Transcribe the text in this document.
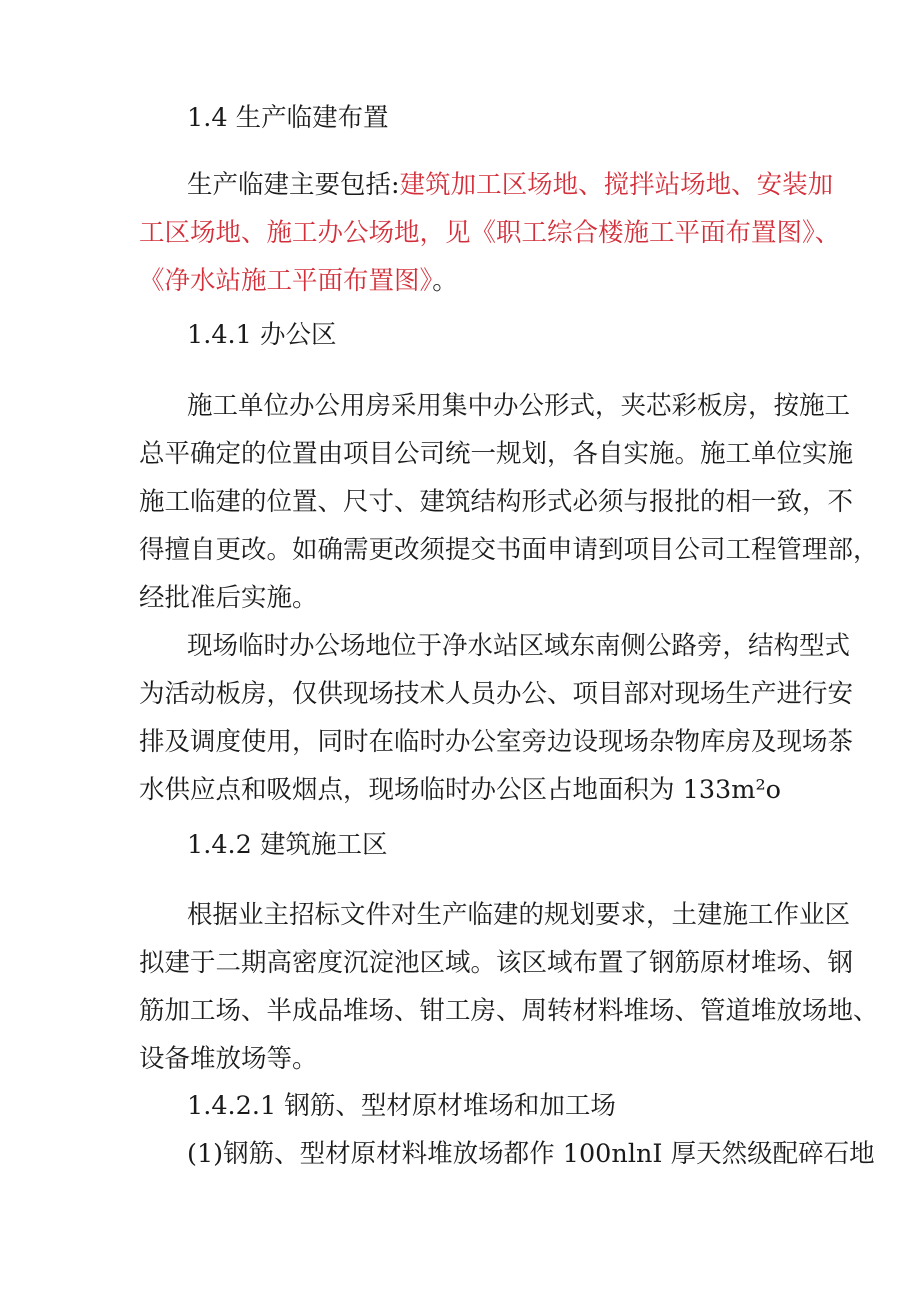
1.4 生产临建布置
生产临建主要包括:建筑加工区场地、搅拌站场地、安装加
工区场地、施工办公场地，见《职工综合楼施工平面布置图》、
《净水站施工平面布置图》。
1.4.1 办公区
施工单位办公用房采用集中办公形式，夹芯彩板房，按施工
总平确定的位置由项目公司统一规划，各自实施。施工单位实施
施工临建的位置、尺寸、建筑结构形式必须与报批的相一致，不
得擅自更改。如确需更改须提交书面申请到项目公司工程管理部，
经批准后实施。
现场临时办公场地位于净水站区域东南侧公路旁，结构型式
为活动板房，仅供现场技术人员办公、项目部对现场生产进行安
排及调度使用，同时在临时办公室旁边设现场杂物库房及现场茶
水供应点和吸烟点，现场临时办公区占地面积为 133m²o
1.4.2 建筑施工区
根据业主招标文件对生产临建的规划要求，土建施工作业区
拟建于二期高密度沉淀池区域。该区域布置了钢筋原材堆场、钢
筋加工场、半成品堆场、钳工房、周转材料堆场、管道堆放场地、
设备堆放场等。
1.4.2.1 钢筋、型材原材堆场和加工场
(1)钢筋、型材原材料堆放场都作 100nlnI 厚天然级配碎石地
